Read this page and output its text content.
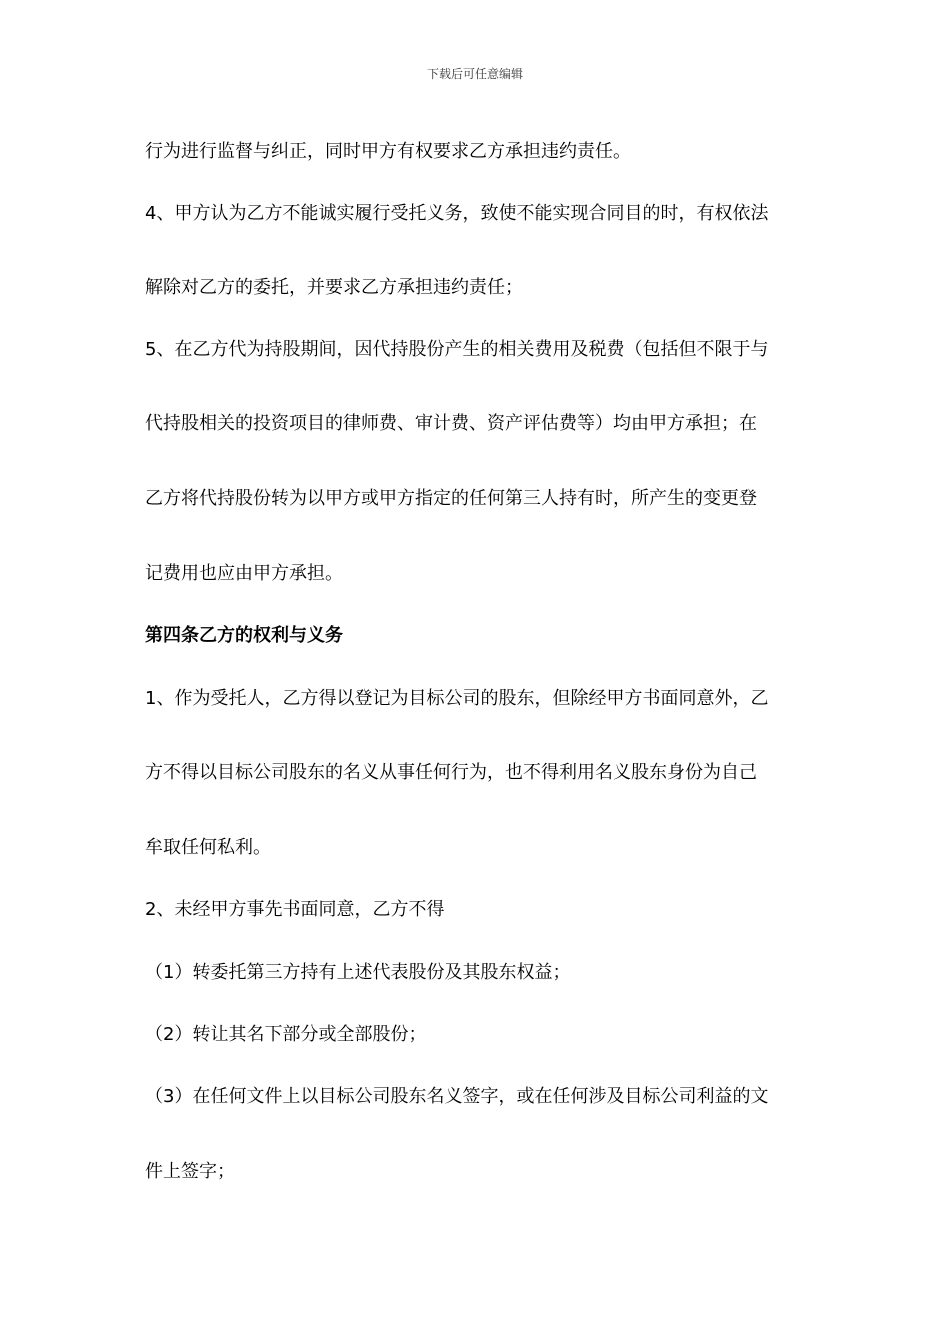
下载后可任意编辑
行为进行监督与纠正，同时甲方有权要求乙方承担违约责任。
4、甲方认为乙方不能诚实履行受托义务，致使不能实现合同目的时，有权依法
解除对乙方的委托，并要求乙方承担违约责任；
5、在乙方代为持股期间，因代持股份产生的相关费用及税费（包括但不限于与
代持股相关的投资项目的律师费、审计费、资产评估费等）均由甲方承担；在
乙方将代持股份转为以甲方或甲方指定的任何第三人持有时，所产生的变更登
记费用也应由甲方承担。
第四条乙方的权利与义务
1、作为受托人，乙方得以登记为目标公司的股东，但除经甲方书面同意外，乙
方不得以目标公司股东的名义从事任何行为，也不得利用名义股东身份为自己
牟取任何私利。
2、未经甲方事先书面同意，乙方不得
（1）转委托第三方持有上述代表股份及其股东权益；
（2）转让其名下部分或全部股份；
（3）在任何文件上以目标公司股东名义签字，或在任何涉及目标公司利益的文
件上签字；
